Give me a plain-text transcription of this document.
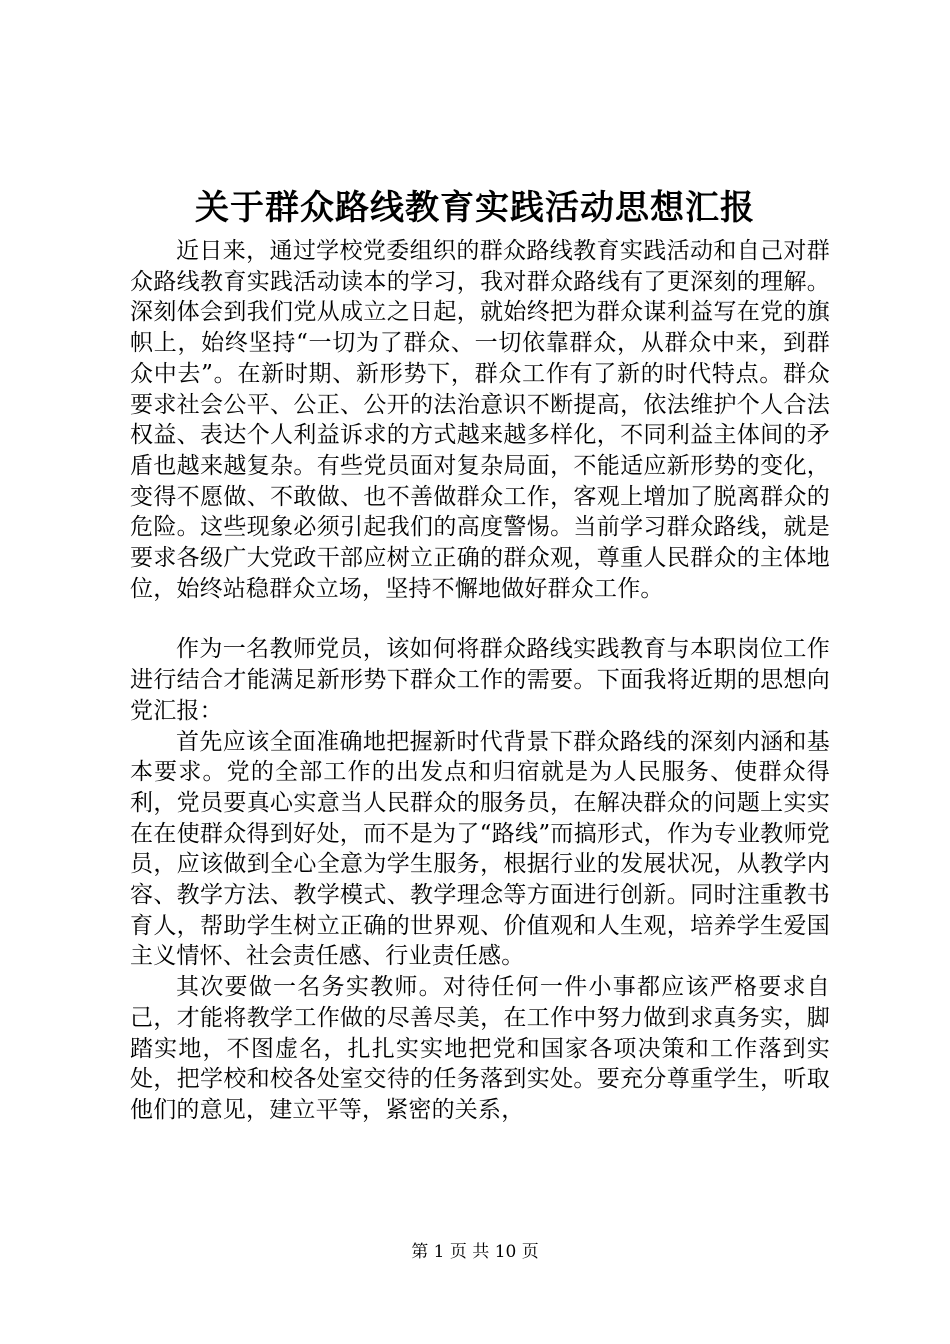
关于群众路线教育实践活动思想汇报

近日来，通过学校党委组织的群众路线教育实践活动和自己对群众路线教育实践活动读本的学习，我对群众路线有了更深刻的理解。深刻体会到我们党从成立之日起，就始终把为群众谋利益写在党的旗帜上，始终坚持“一切为了群众、一切依靠群众，从群众中来，到群众中去”。在新时期、新形势下，群众工作有了新的时代特点。群众要求社会公平、公正、公开的法治意识不断提高，依法维护个人合法权益、表达个人利益诉求的方式越来越多样化，不同利益主体间的矛盾也越来越复杂。有些党员面对复杂局面，不能适应新形势的变化，变得不愿做、不敢做、也不善做群众工作，客观上增加了脱离群众的危险。这些现象必须引起我们的高度警惕。当前学习群众路线，就是要求各级广大党政干部应树立正确的群众观，尊重人民群众的主体地位，始终站稳群众立场，坚持不懈地做好群众工作。

作为一名教师党员，该如何将群众路线实践教育与本职岗位工作进行结合才能满足新形势下群众工作的需要。下面我将近期的思想向党汇报：

首先应该全面准确地把握新时代背景下群众路线的深刻内涵和基本要求。党的全部工作的出发点和归宿就是为人民服务、使群众得利，党员要真心实意当人民群众的服务员，在解决群众的问题上实实在在使群众得到好处，而不是为了“路线”而搞形式，作为专业教师党员，应该做到全心全意为学生服务，根据行业的发展状况，从教学内容、教学方法、教学模式、教学理念等方面进行创新。同时注重教书育人，帮助学生树立正确的世界观、价值观和人生观，培养学生爱国主义情怀、社会责任感、行业责任感。

其次要做一名务实教师。对待任何一件小事都应该严格要求自己，才能将教学工作做的尽善尽美，在工作中努力做到求真务实，脚踏实地，不图虚名，扎扎实实地把党和国家各项决策和工作落到实处，把学校和校各处室交待的任务落到实处。要充分尊重学生，听取他们的意见，建立平等，紧密的关系，

第 1 页 共 10 页
